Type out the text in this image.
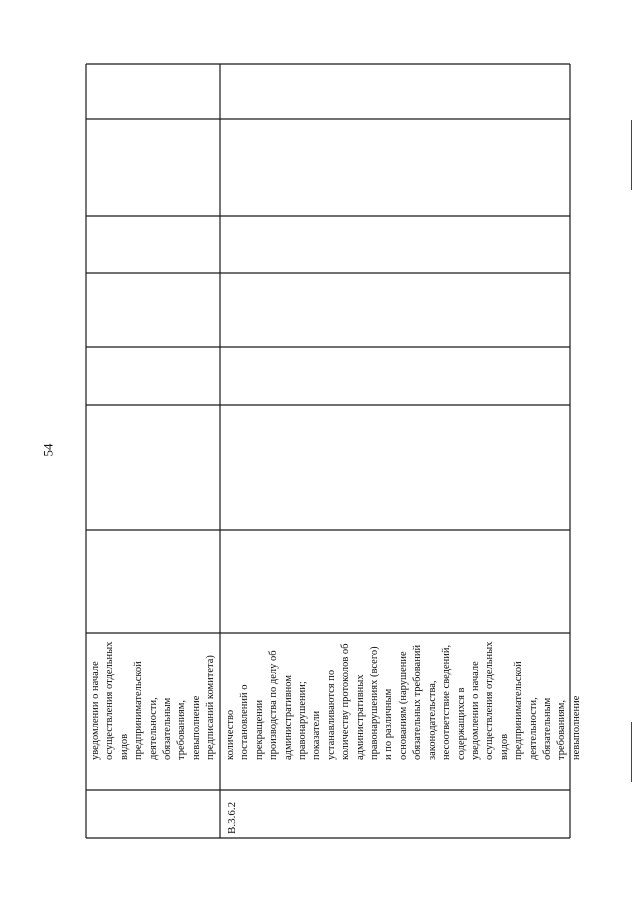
54
уведомлении о начале осуществления отдельных видов предпринимательской деятельности, обязательным требованиям, невыполнение предписаний комитета)
В.3.6.2
количество постановлений о прекращении производства по делу об административном правонарушении; показатели устанавливаются по количеству протоколов об административных правонарушениях (всего) и по различным основаниям (нарушение обязательных требований законодательства, несоответствие сведений, содержащихся в уведомлении о начале осуществления отдельных видов предпринимательской деятельности, обязательным требованиям, невыполнение
